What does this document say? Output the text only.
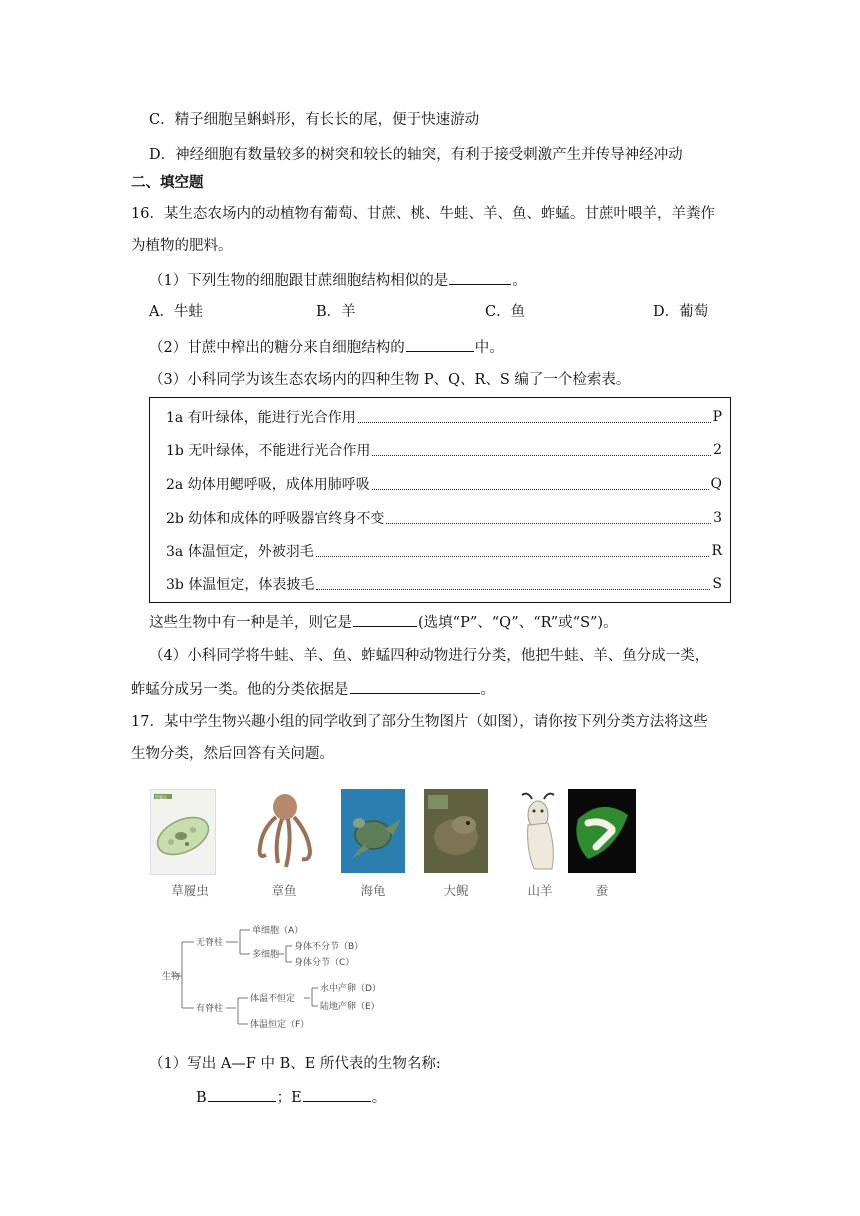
C．精子细胞呈蝌蚪形，有长长的尾，便于快速游动
D．神经细胞有数量较多的树突和较长的轴突，有利于接受刺激产生并传导神经冲动
二、填空题
16．某生态农场内的动植物有葡萄、甘蔗、桃、牛蛙、羊、鱼、蚱蜢。甘蔗叶喂羊，羊粪作
为植物的肥料。
（1）下列生物的细胞跟甘蔗细胞结构相似的是	。
A．牛蛙	B．羊	C．鱼	D．葡萄
（2）甘蔗中榨出的糖分来自细胞结构的	中。
（3）小科同学为该生态农场内的四种生物 P、Q、R、S 编了一个检索表。
1a 有叶绿体，能进行光合作用	P
1b 无叶绿体，不能进行光合作用	2
2a 幼体用鳃呼吸，成体用肺呼吸	Q
2b 幼体和成体的呼吸器官终身不变	3
3a 体温恒定，外被羽毛	R
3b 体温恒定，体表披毛	S
这些生物中有一种是羊，则它是	(选填“P”、“Q”、“R”或“S”)。
（4）小科同学将牛蛙、羊、鱼、蚱蜢四种动物进行分类，他把牛蛙、羊、鱼分成一类，
蚱蜢分成另一类。他的分类依据是	。
17．某中学生物兴趣小组的同学收到了部分生物图片（如图），请你按下列分类方法将这些
生物分类，然后回答有关问题。
草履虫
草履虫	章鱼	海龟	大鲵	山羊	蚕
生物
无脊柱
有脊柱
单细胞（A）
多细胞
身体不分节（B）
身体分节（C）
体温不恒定
水中产卵（D）
陆地产卵（E）
体温恒定（F）
（1）写出 A—F 中 B、E 所代表的生物名称:
B	；E	。
